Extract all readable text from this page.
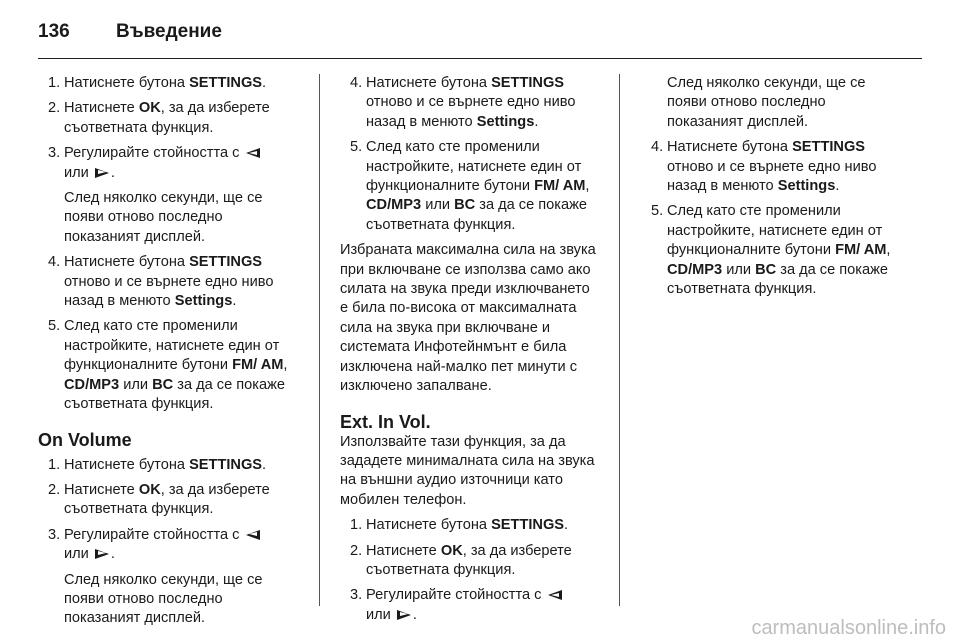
136	Въведение
1. Натиснете бутона SETTINGS.
2. Натиснете OK, за да изберете съответната функция.
3. Регулирайте стойността с
или .
След няколко секунди, ще се появи отново последно показаният дисплей.
4. Натиснете бутона SETTINGS отново и се върнете едно ниво назад в менюто Settings.
5. След като сте променили настройките, натиснете един от функционалните бутони FM/ AM, CD/MP3 или BC за да се покаже съответната функция.
On Volume
1. Натиснете бутона SETTINGS.
2. Натиснете OK, за да изберете съответната функция.
3. Регулирайте стойността с
или .
След няколко секунди, ще се появи отново последно показаният дисплей.
4. Натиснете бутона SETTINGS отново и се върнете едно ниво назад в менюто Settings.
5. След като сте променили настройките, натиснете един от функционалните бутони FM/ AM, CD/MP3 или BC за да се покаже съответната функция.

Избраната максимална сила на звука при включване се използва само ако силата на звука преди изключването е била по-висока от максималната сила на звука при включване и системата Инфотейнмънт е била изключена най-малко пет минути с изключено запалване.

Ext. In Vol.

Използвайте тази функция, за да зададете минималната сила на звука на външни аудио източници като мобилен телефон.

1. Натиснете бутона SETTINGS.
2. Натиснете OK, за да изберете съответната функция.
3. Регулирайте стойността с
или .

След няколко секунди, ще се появи отново последно показаният дисплей.

4. Натиснете бутона SETTINGS отново и се върнете едно ниво назад в менюто Settings.
5. След като сте променили настройките, натиснете един от функционалните бутони FM/ AM, CD/MP3 или BC за да се покаже съответната функция.
carmanualsonline.info
